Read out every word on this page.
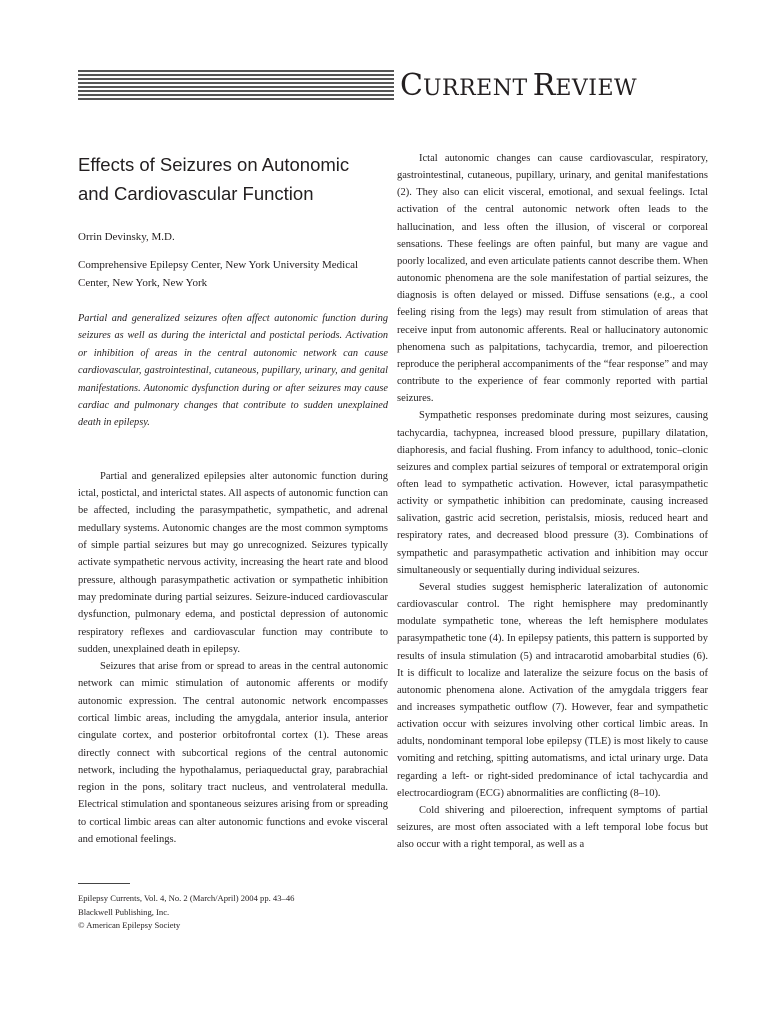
CURRENT REVIEW
Effects of Seizures on Autonomic
and Cardiovascular Function

Orrin Devinsky, M.D.

Comprehensive Epilepsy Center, New York University Medical Center, New York, New York

Partial and generalized seizures often affect autonomic function during seizures as well as during the interictal and postictal periods. Activation or inhibition of areas in the central autonomic network can cause cardiovascular, gastrointestinal, cutaneous, pupillary, urinary, and genital manifestations. Autonomic dysfunction during or after seizures may cause cardiac and pulmonary changes that contribute to sudden unexplained death in epilepsy.

Partial and generalized epilepsies alter autonomic function during ictal, postictal, and interictal states. All aspects of autonomic function can be affected, including the parasympathetic, sympathetic, and adrenal medullary systems. Autonomic changes are the most common symptoms of simple partial seizures but may go unrecognized. Seizures typically activate sympathetic nervous activity, increasing the heart rate and blood pressure, although parasympathetic activation or sympathetic inhibition may predominate during partial seizures. Seizure-induced cardiovascular dysfunction, pulmonary edema, and postictal depression of autonomic respiratory reflexes and cardiovascular function may contribute to sudden, unexplained death in epilepsy.

Seizures that arise from or spread to areas in the central autonomic network can mimic stimulation of autonomic afferents or modify autonomic expression. The central autonomic network encompasses cortical limbic areas, including the amygdala, anterior insula, anterior cingulate cortex, and posterior orbitofrontal cortex (1). These areas directly connect with subcortical regions of the central autonomic network, including the hypothalamus, periaqueductal gray, parabrachial region in the pons, solitary tract nucleus, and ventrolateral medulla. Electrical stimulation and spontaneous seizures arising from or spreading to cortical limbic areas can alter autonomic functions and evoke visceral and emotional feelings.

Ictal autonomic changes can cause cardiovascular, respiratory, gastrointestinal, cutaneous, pupillary, urinary, and genital manifestations (2). They also can elicit visceral, emotional, and sexual feelings. Ictal activation of the central autonomic network often leads to the hallucination, and less often the illusion, of visceral or corporeal sensations. These feelings are often painful, but many are vague and poorly localized, and even articulate patients cannot describe them. When autonomic phenomena are the sole manifestation of partial seizures, the diagnosis is often delayed or missed. Diffuse sensations (e.g., a cool feeling rising from the legs) may result from stimulation of areas that receive input from autonomic afferents. Real or hallucinatory autonomic phenomena such as palpitations, tachycardia, tremor, and piloerection reproduce the peripheral accompaniments of the “fear response” and may contribute to the experience of fear commonly reported with partial seizures.

Sympathetic responses predominate during most seizures, causing tachycardia, tachypnea, increased blood pressure, pupillary dilatation, diaphoresis, and facial flushing. From infancy to adulthood, tonic–clonic seizures and complex partial seizures of temporal or extratemporal origin often lead to sympathetic activation. However, ictal parasympathetic activity or sympathetic inhibition can predominate, causing increased salivation, gastric acid secretion, peristalsis, miosis, reduced heart and respiratory rates, and decreased blood pressure (3). Combinations of sympathetic and parasympathetic activation and inhibition may occur simultaneously or sequentially during individual seizures.

Several studies suggest hemispheric lateralization of autonomic cardiovascular control. The right hemisphere may predominantly modulate sympathetic tone, whereas the left hemisphere modulates parasympathetic tone (4). In epilepsy patients, this pattern is supported by results of insula stimulation (5) and intracarotid amobarbital studies (6). It is difficult to localize and lateralize the seizure focus on the basis of autonomic phenomena alone. Activation of the amygdala triggers fear and increases sympathetic outflow (7). However, fear and sympathetic activation occur with seizures involving other cortical limbic areas. In adults, nondominant temporal lobe epilepsy (TLE) is most likely to cause vomiting and retching, spitting automatisms, and ictal urinary urge. Data regarding a left- or right-sided predominance of ictal tachycardia and electrocardiogram (ECG) abnormalities are conflicting (8–10).

Cold shivering and piloerection, infrequent symptoms of partial seizures, are most often associated with a left temporal lobe focus but also occur with a right temporal, as well as a

Epilepsy Currents, Vol. 4, No. 2 (March/April) 2004 pp. 43–46
Blackwell Publishing, Inc.
© American Epilepsy Society
